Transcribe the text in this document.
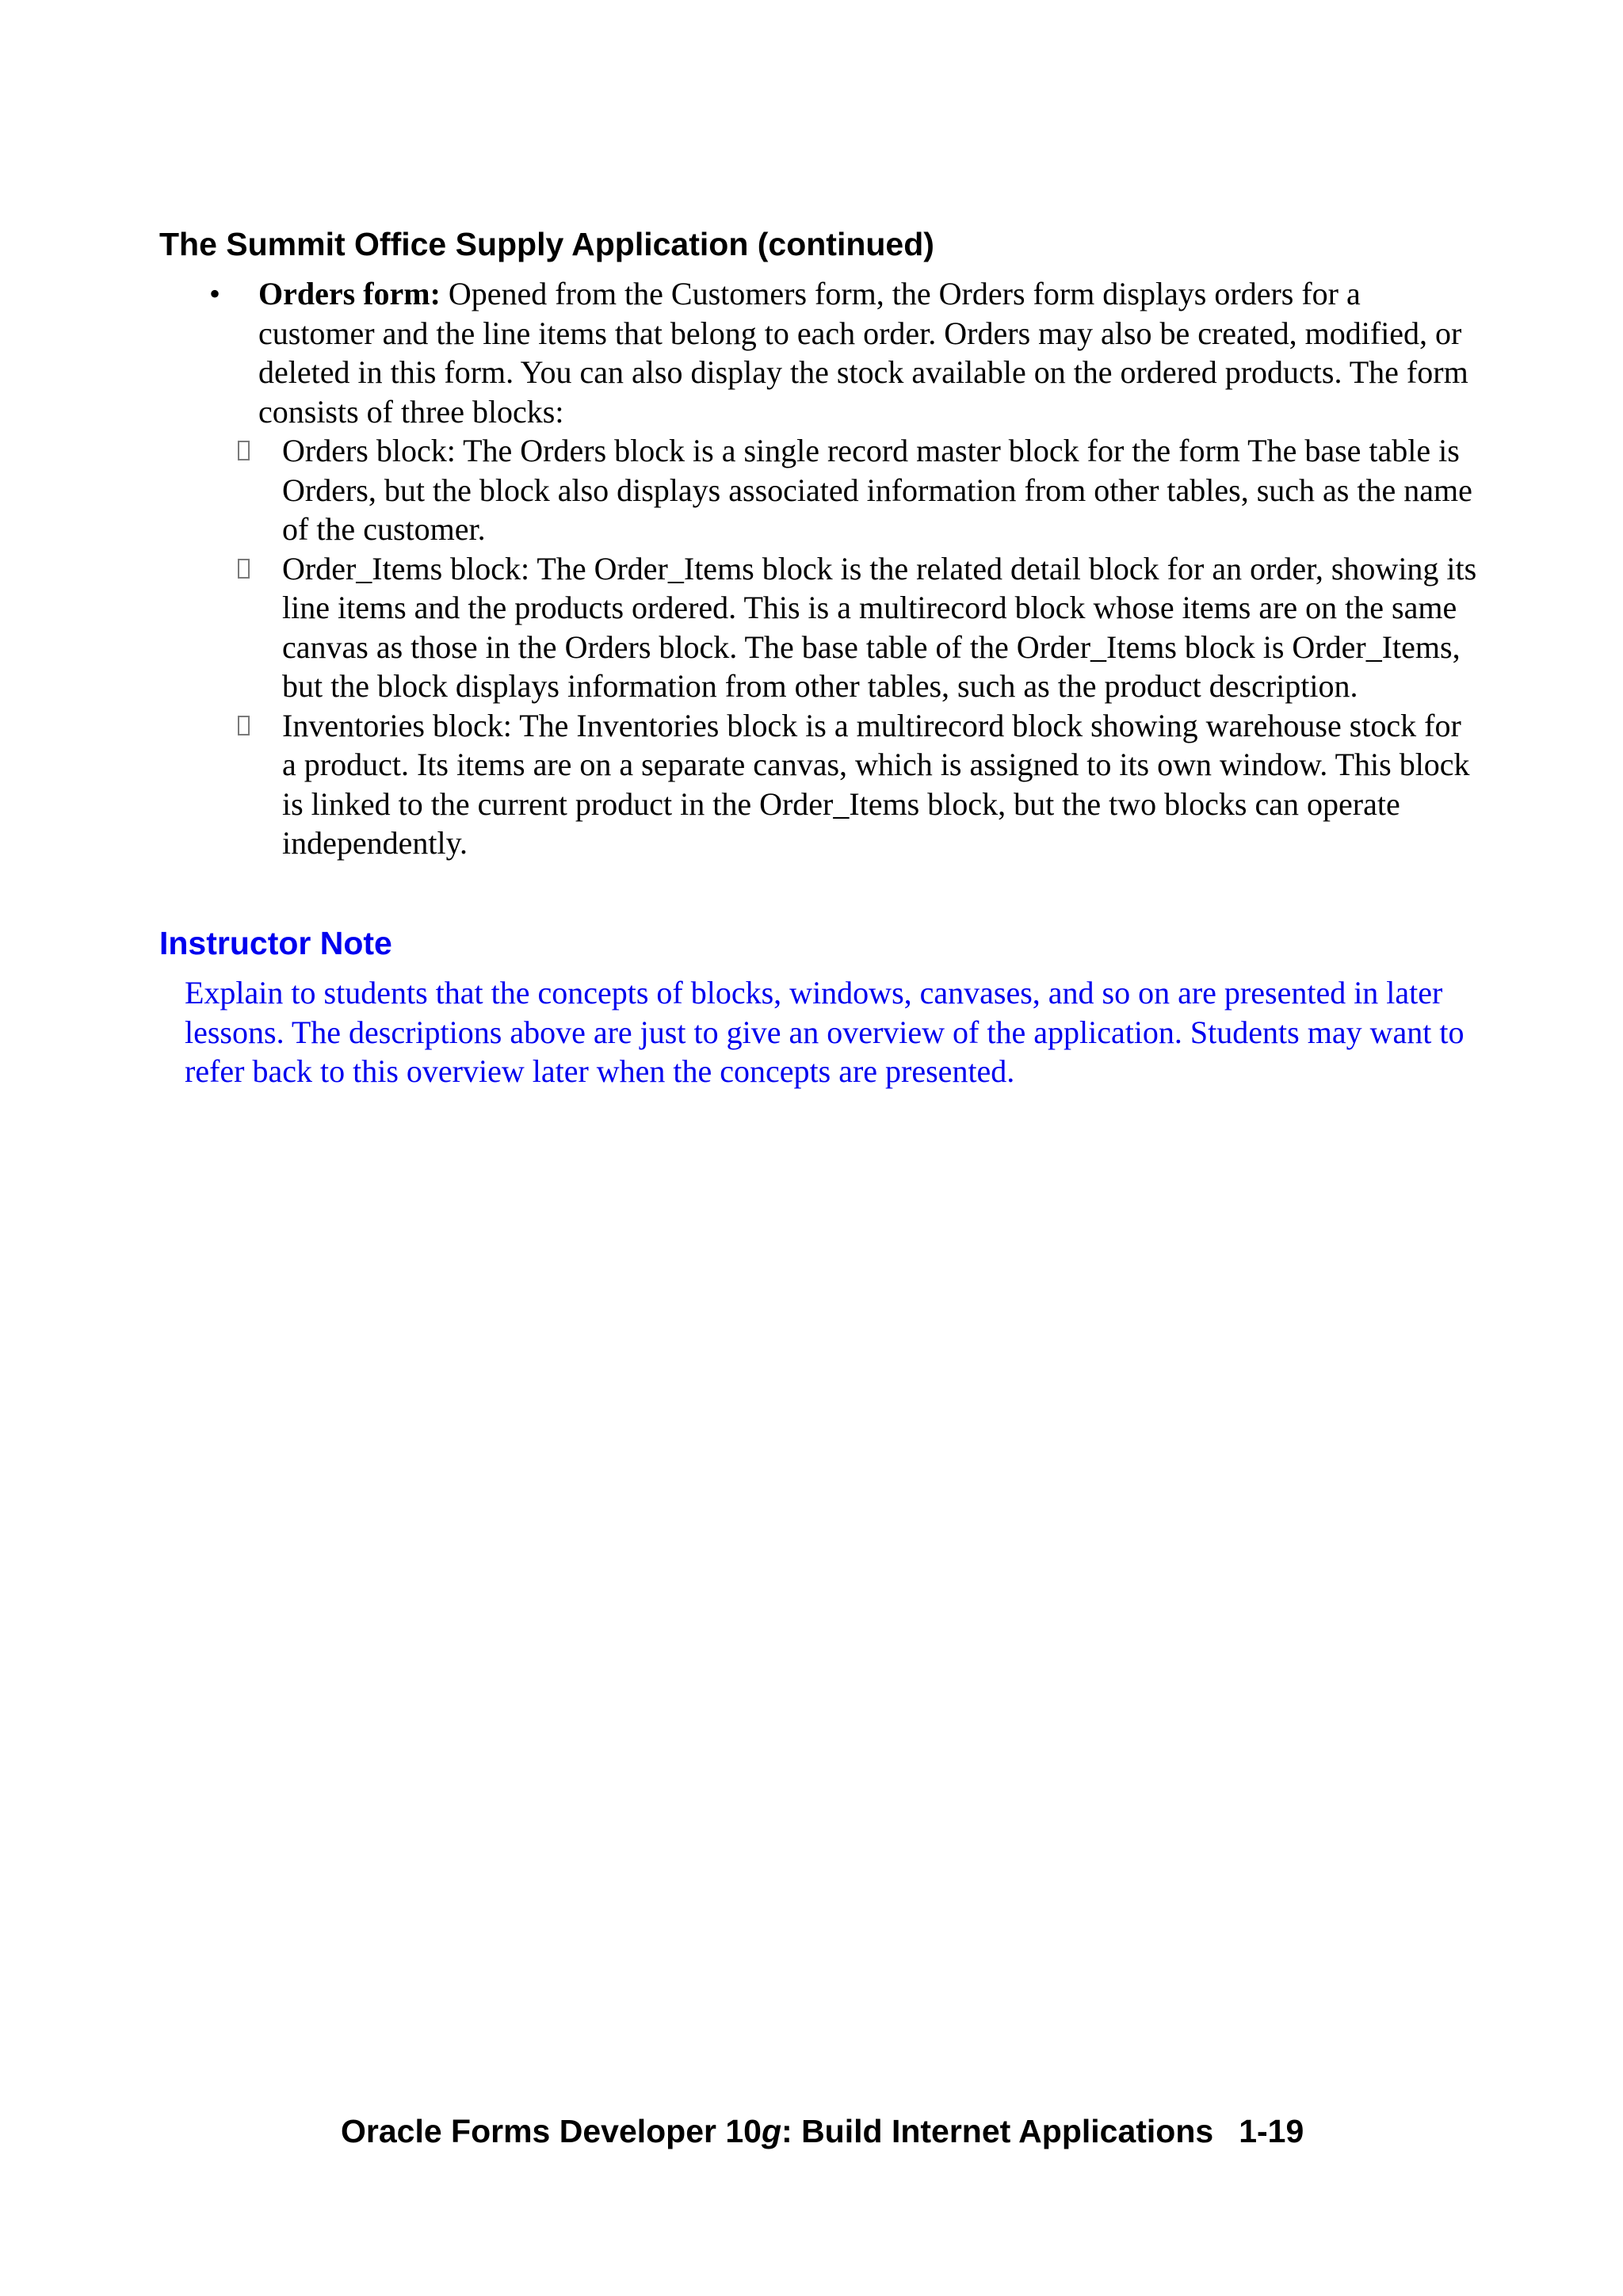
The Summit Office Supply Application (continued)
• Orders form: Opened from the Customers form, the Orders form displays orders for a customer and the line items that belong to each order. Orders may also be created, modified, or deleted in this form. You can also display the stock available on the ordered products. The form consists of three blocks:
Orders block: The Orders block is a single record master block for the form The base table is Orders, but the block also displays associated information from other tables, such as the name of the customer.
Order_Items block: The Order_Items block is the related detail block for an order, showing its line items and the products ordered. This is a multirecord block whose items are on the same canvas as those in the Orders block. The base table of the Order_Items block is Order_Items, but the block displays information from other tables, such as the product description.
Inventories block: The Inventories block is a multirecord block showing warehouse stock for a product. Its items are on a separate canvas, which is assigned to its own window. This block is linked to the current product in the Order_Items block, but the two blocks can operate independently.
Instructor Note

Explain to students that the concepts of blocks, windows, canvases, and so on are presented in later lessons. The descriptions above are just to give an overview of the application. Students may want to refer back to this overview later when the concepts are presented.

Oracle Forms Developer 10g: Build Internet Applications 1-19
